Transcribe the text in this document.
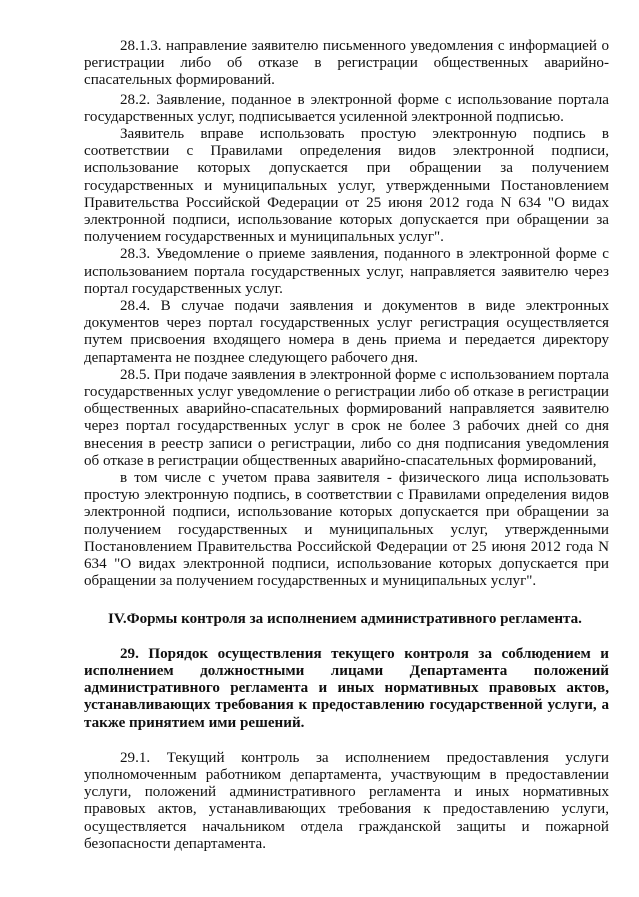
28.1.3. направление заявителю письменного уведомления с информацией о регистрации либо об отказе в регистрации общественных аварийно-спасательных формирований.

28.2. Заявление, поданное в электронной форме с использование портала государственных услуг, подписывается усиленной электронной подписью.

Заявитель вправе использовать простую электронную подпись в соответствии с Правилами определения видов электронной подписи, использование которых допускается при обращении за получением государственных и муниципальных услуг, утвержденными Постановлением Правительства Российской Федерации от 25 июня 2012 года N 634 "О видах электронной подписи, использование которых допускается при обращении за получением государственных и муниципальных услуг".

28.3. Уведомление о приеме заявления, поданного в электронной форме с использованием портала государственных услуг, направляется заявителю через портал государственных услуг.

28.4. В случае подачи заявления и документов в виде электронных документов через портал государственных услуг регистрация осуществляется путем присвоения входящего номера в день приема и передается директору департамента не позднее следующего рабочего дня.

28.5. При подаче заявления в электронной форме с использованием портала государственных услуг уведомление о регистрации либо об отказе в регистрации общественных аварийно-спасательных формирований направляется заявителю через портал государственных услуг в срок не более 3 рабочих дней со дня внесения в реестр записи о регистрации, либо со дня подписания уведомления об отказе в регистрации общественных аварийно-спасательных формирований,

в том числе с учетом права заявителя - физического лица использовать простую электронную подпись, в соответствии с Правилами определения видов электронной подписи, использование которых допускается при обращении за получением государственных и муниципальных услуг, утвержденными Постановлением Правительства Российской Федерации от 25 июня 2012 года N 634 "О видах электронной подписи, использование которых допускается при обращении за получением государственных и муниципальных услуг".

IV.Формы контроля за исполнением административного регламента.

29. Порядок осуществления текущего контроля за соблюдением и исполнением должностными лицами Департамента положений административного регламента и иных нормативных правовых актов, устанавливающих требования к предоставлению государственной услуги, а также принятием ими решений.

29.1. Текущий контроль за исполнением предоставления услуги уполномоченным работником департамента, участвующим в предоставлении услуги, положений административного регламента и иных нормативных правовых актов, устанавливающих требования к предоставлению услуги, осуществляется начальником отдела гражданской защиты и пожарной безопасности департамента.
